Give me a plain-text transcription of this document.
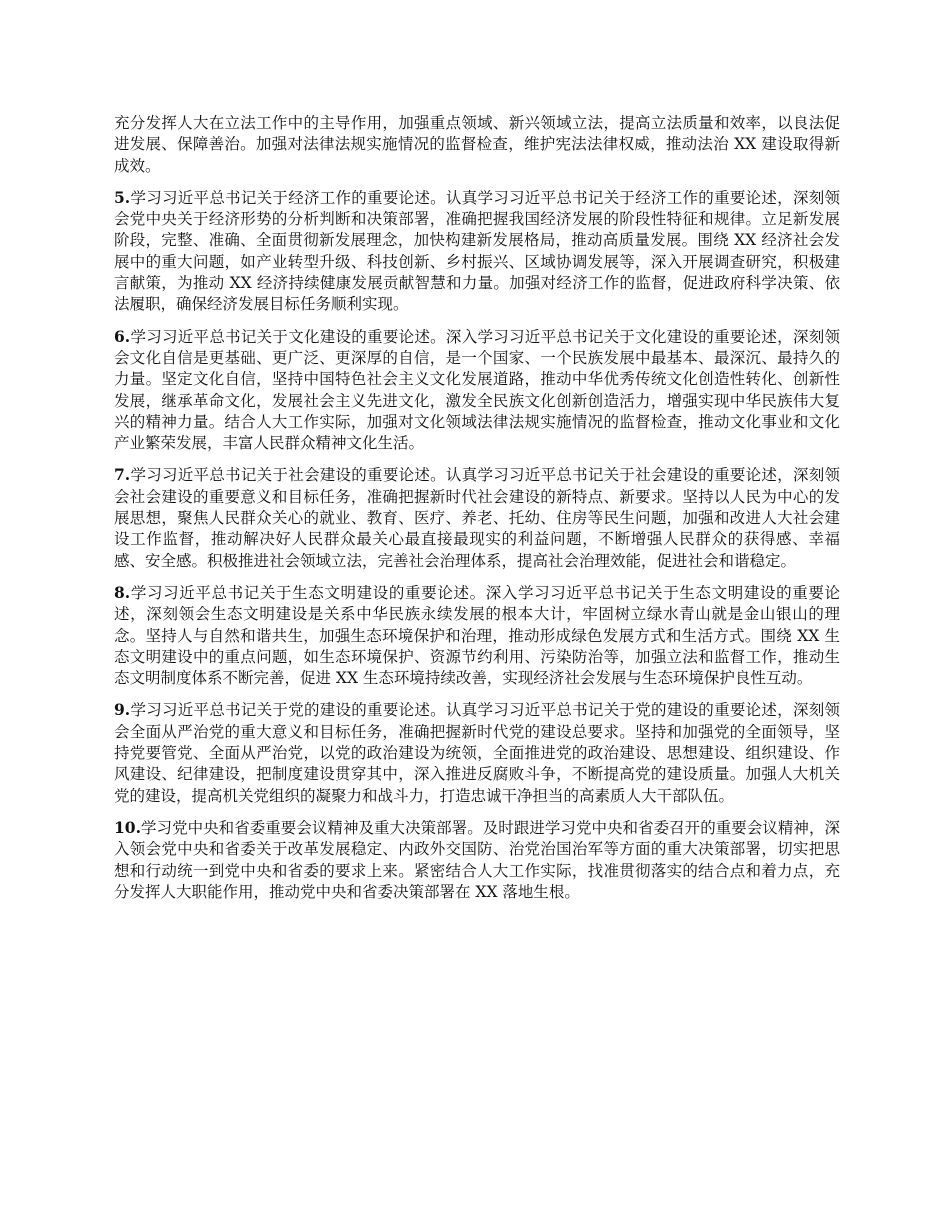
充分发挥人大在立法工作中的主导作用，加强重点领域、新兴领域立法，提高立法质量和效率，以良法促进发展、保障善治。加强对法律法规实施情况的监督检查，维护宪法法律权威，推动法治 XX 建设取得新成效。

5.学习习近平总书记关于经济工作的重要论述。认真学习习近平总书记关于经济工作的重要论述，深刻领会党中央关于经济形势的分析判断和决策部署，准确把握我国经济发展的阶段性特征和规律。立足新发展阶段，完整、准确、全面贯彻新发展理念，加快构建新发展格局，推动高质量发展。围绕 XX 经济社会发展中的重大问题，如产业转型升级、科技创新、乡村振兴、区域协调发展等，深入开展调查研究，积极建言献策，为推动 XX 经济持续健康发展贡献智慧和力量。加强对经济工作的监督，促进政府科学决策、依法履职，确保经济发展目标任务顺利实现。

6.学习习近平总书记关于文化建设的重要论述。深入学习习近平总书记关于文化建设的重要论述，深刻领会文化自信是更基础、更广泛、更深厚的自信，是一个国家、一个民族发展中最基本、最深沉、最持久的力量。坚定文化自信，坚持中国特色社会主义文化发展道路，推动中华优秀传统文化创造性转化、创新性发展，继承革命文化，发展社会主义先进文化，激发全民族文化创新创造活力，增强实现中华民族伟大复兴的精神力量。结合人大工作实际，加强对文化领域法律法规实施情况的监督检查，推动文化事业和文化产业繁荣发展，丰富人民群众精神文化生活。

7.学习习近平总书记关于社会建设的重要论述。认真学习习近平总书记关于社会建设的重要论述，深刻领会社会建设的重要意义和目标任务，准确把握新时代社会建设的新特点、新要求。坚持以人民为中心的发展思想，聚焦人民群众关心的就业、教育、医疗、养老、托幼、住房等民生问题，加强和改进人大社会建设工作监督，推动解决好人民群众最关心最直接最现实的利益问题，不断增强人民群众的获得感、幸福感、安全感。积极推进社会领域立法，完善社会治理体系，提高社会治理效能，促进社会和谐稳定。

8.学习习近平总书记关于生态文明建设的重要论述。深入学习习近平总书记关于生态文明建设的重要论述，深刻领会生态文明建设是关系中华民族永续发展的根本大计，牢固树立绿水青山就是金山银山的理念。坚持人与自然和谐共生，加强生态环境保护和治理，推动形成绿色发展方式和生活方式。围绕 XX 生态文明建设中的重点问题，如生态环境保护、资源节约利用、污染防治等，加强立法和监督工作，推动生态文明制度体系不断完善，促进 XX 生态环境持续改善，实现经济社会发展与生态环境保护良性互动。

9.学习习近平总书记关于党的建设的重要论述。认真学习习近平总书记关于党的建设的重要论述，深刻领会全面从严治党的重大意义和目标任务，准确把握新时代党的建设总要求。坚持和加强党的全面领导，坚持党要管党、全面从严治党，以党的政治建设为统领，全面推进党的政治建设、思想建设、组织建设、作风建设、纪律建设，把制度建设贯穿其中，深入推进反腐败斗争，不断提高党的建设质量。加强人大机关党的建设，提高机关党组织的凝聚力和战斗力，打造忠诚干净担当的高素质人大干部队伍。

10.学习党中央和省委重要会议精神及重大决策部署。及时跟进学习党中央和省委召开的重要会议精神，深入领会党中央和省委关于改革发展稳定、内政外交国防、治党治国治军等方面的重大决策部署，切实把思想和行动统一到党中央和省委的要求上来。紧密结合人大工作实际，找准贯彻落实的结合点和着力点，充分发挥人大职能作用，推动党中央和省委决策部署在 XX 落地生根。
